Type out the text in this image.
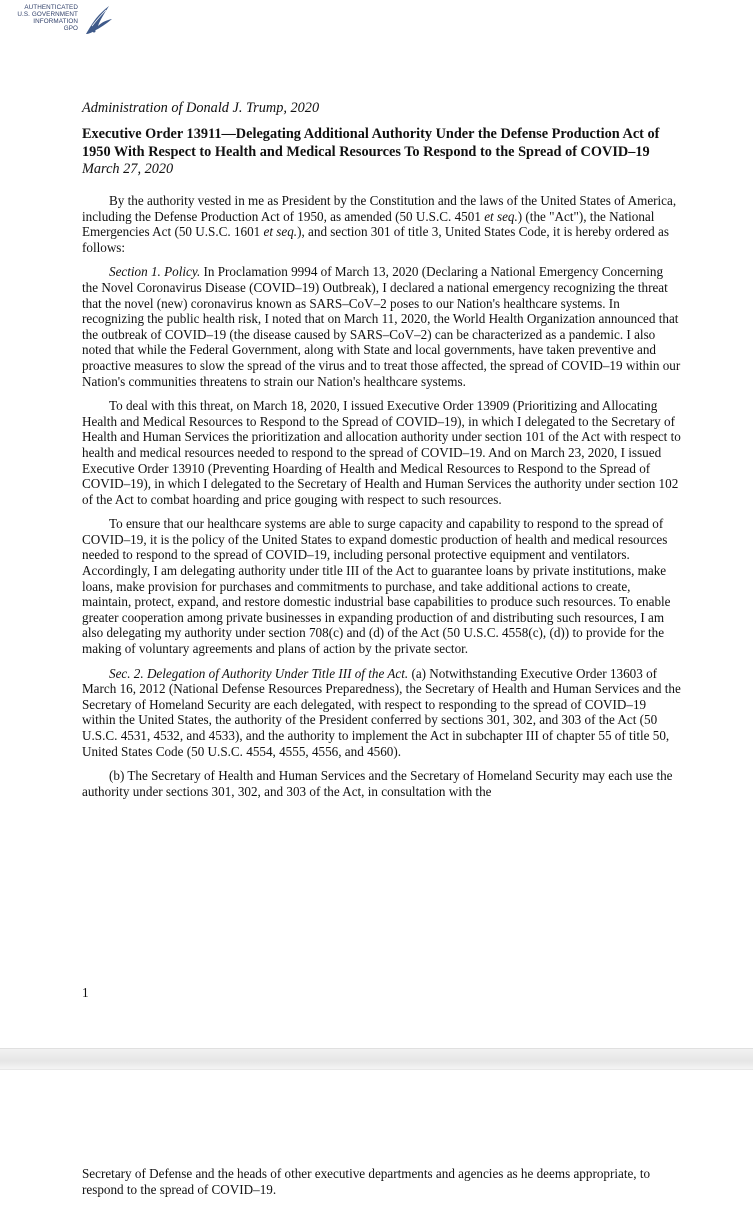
AUTHENTICATED
U.S. GOVERNMENT
INFORMATION
GPO

Administration of Donald J. Trump, 2020

Executive Order 13911—Delegating Additional Authority Under the Defense Production Act of 1950 With Respect to Health and Medical Resources To Respond to the Spread of COVID–19

March 27, 2020

By the authority vested in me as President by the Constitution and the laws of the United States of America, including the Defense Production Act of 1950, as amended (50 U.S.C. 4501 et seq.) (the "Act"), the National Emergencies Act (50 U.S.C. 1601 et seq.), and section 301 of title 3, United States Code, it is hereby ordered as follows:

Section 1. Policy. In Proclamation 9994 of March 13, 2020 (Declaring a National Emergency Concerning the Novel Coronavirus Disease (COVID–19) Outbreak), I declared a national emergency recognizing the threat that the novel (new) coronavirus known as SARS–CoV–2 poses to our Nation's healthcare systems. In recognizing the public health risk, I noted that on March 11, 2020, the World Health Organization announced that the outbreak of COVID–19 (the disease caused by SARS–CoV–2) can be characterized as a pandemic. I also noted that while the Federal Government, along with State and local governments, have taken preventive and proactive measures to slow the spread of the virus and to treat those affected, the spread of COVID–19 within our Nation's communities threatens to strain our Nation's healthcare systems.

To deal with this threat, on March 18, 2020, I issued Executive Order 13909 (Prioritizing and Allocating Health and Medical Resources to Respond to the Spread of COVID–19), in which I delegated to the Secretary of Health and Human Services the prioritization and allocation authority under section 101 of the Act with respect to health and medical resources needed to respond to the spread of COVID–19. And on March 23, 2020, I issued Executive Order 13910 (Preventing Hoarding of Health and Medical Resources to Respond to the Spread of COVID–19), in which I delegated to the Secretary of Health and Human Services the authority under section 102 of the Act to combat hoarding and price gouging with respect to such resources.

To ensure that our healthcare systems are able to surge capacity and capability to respond to the spread of COVID–19, it is the policy of the United States to expand domestic production of health and medical resources needed to respond to the spread of COVID–19, including personal protective equipment and ventilators. Accordingly, I am delegating authority under title III of the Act to guarantee loans by private institutions, make loans, make provision for purchases and commitments to purchase, and take additional actions to create, maintain, protect, expand, and restore domestic industrial base capabilities to produce such resources. To enable greater cooperation among private businesses in expanding production of and distributing such resources, I am also delegating my authority under section 708(c) and (d) of the Act (50 U.S.C. 4558(c), (d)) to provide for the making of voluntary agreements and plans of action by the private sector.

Sec. 2. Delegation of Authority Under Title III of the Act. (a) Notwithstanding Executive Order 13603 of March 16, 2012 (National Defense Resources Preparedness), the Secretary of Health and Human Services and the Secretary of Homeland Security are each delegated, with respect to responding to the spread of COVID–19 within the United States, the authority of the President conferred by sections 301, 302, and 303 of the Act (50 U.S.C. 4531, 4532, and 4533), and the authority to implement the Act in subchapter III of chapter 55 of title 50, United States Code (50 U.S.C. 4554, 4555, 4556, and 4560).

(b) The Secretary of Health and Human Services and the Secretary of Homeland Security may each use the authority under sections 301, 302, and 303 of the Act, in consultation with the

1

Secretary of Defense and the heads of other executive departments and agencies as he deems appropriate, to respond to the spread of COVID–19.
